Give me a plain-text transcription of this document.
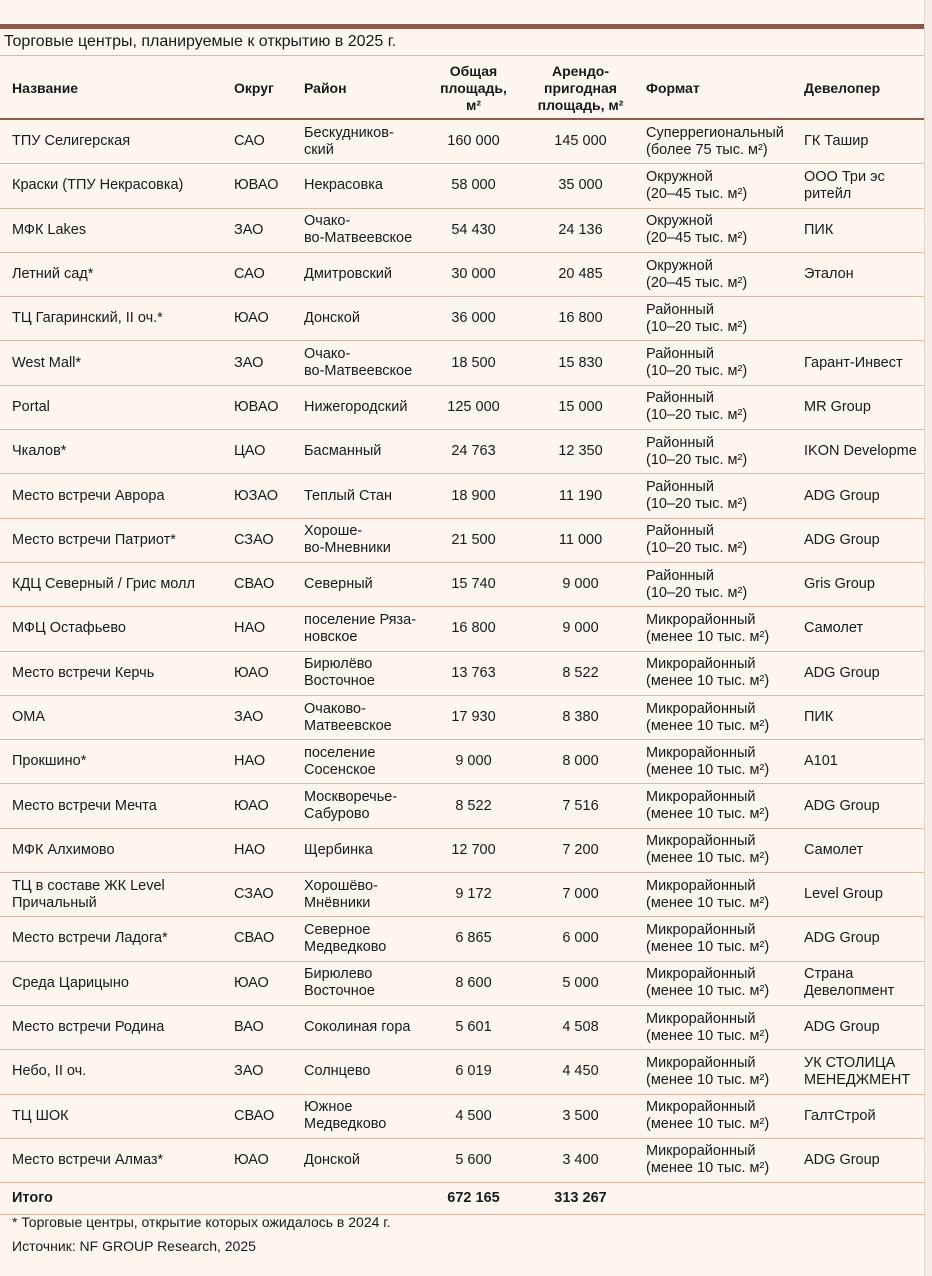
Торговые центры, планируемые к открытию в 2025 г.
Название	Округ	Район	Общая
площадь,
м²	Арендо-
пригодная
площадь, м²	Формат	Девелопер
ТПУ Селигерская	САО	Бескудников-
ский	160 000	145 000	Суперрегиональный
(более 75 тыс. м²)	ГК Ташир
Краски (ТПУ Некрасовка)	ЮВАО	Некрасовка	58 000	35 000	Окружной
(20–45 тыс. м²)	ООО Три эс
ритейл
МФК Lakes	ЗАО	Очако-
во-Матвеевское	54 430	24 136	Окружной
(20–45 тыс. м²)	ПИК
Летний сад*	САО	Дмитровский	30 000	20 485	Окружной
(20–45 тыс. м²)	Эталон
ТЦ Гагаринский, II оч.*	ЮАО	Донской	36 000	16 800	Районный
(10–20 тыс. м²)	
West Mall*	ЗАО	Очако-
во-Матвеевское	18 500	15 830	Районный
(10–20 тыс. м²)	Гарант-Инвест
Portal	ЮВАО	Нижегородский	125 000	15 000	Районный
(10–20 тыс. м²)	MR Group
Чкалов*	ЦАО	Басманный	24 763	12 350	Районный
(10–20 тыс. м²)	IKON Developme
Место встречи Аврора	ЮЗАО	Теплый Стан	18 900	11 190	Районный
(10–20 тыс. м²)	ADG Group
Место встречи Патриот*	СЗАО	Хороше-
во-Мневники	21 500	11 000	Районный
(10–20 тыс. м²)	ADG Group
КДЦ Северный / Грис молл	СВАО	Северный	15 740	9 000	Районный
(10–20 тыс. м²)	Gris Group
МФЦ Остафьево	НАО	поселение Ряза-
новское	16 800	9 000	Микрорайонный
(менее 10 тыс. м²)	Самолет
Место встречи Керчь	ЮАО	Бирюлёво
Восточное	13 763	8 522	Микрорайонный
(менее 10 тыс. м²)	ADG Group
ОМА	ЗАО	Очаково-
Матвеевское	17 930	8 380	Микрорайонный
(менее 10 тыс. м²)	ПИК
Прокшино*	НАО	поселение
Сосенское	9 000	8 000	Микрорайонный
(менее 10 тыс. м²)	А101
Место встречи Мечта	ЮАО	Москворечье-
Сабурово	8 522	7 516	Микрорайонный
(менее 10 тыс. м²)	ADG Group
МФК Алхимово	НАО	Щербинка	12 700	7 200	Микрорайонный
(менее 10 тыс. м²)	Самолет
ТЦ в составе ЖК Level
Причальный	СЗАО	Хорошёво-
Мнёвники	9 172	7 000	Микрорайонный
(менее 10 тыс. м²)	Level Group
Место встречи Ладога*	СВАО	Северное
Медведково	6 865	6 000	Микрорайонный
(менее 10 тыс. м²)	ADG Group
Среда Царицыно	ЮАО	Бирюлево
Восточное	8 600	5 000	Микрорайонный
(менее 10 тыс. м²)	Страна
Девелопмент
Место встречи Родина	ВАО	Соколиная гора	5 601	4 508	Микрорайонный
(менее 10 тыс. м²)	ADG Group
Небо, II оч.	ЗАО	Солнцево	6 019	4 450	Микрорайонный
(менее 10 тыс. м²)	УК СТОЛИЦА
МЕНЕДЖМЕНТ
ТЦ ШОК	СВАО	Южное
Медведково	4 500	3 500	Микрорайонный
(менее 10 тыс. м²)	ГалтСтрой
Место встречи Алмаз*	ЮАО	Донской	5 600	3 400	Микрорайонный
(менее 10 тыс. м²)	ADG Group
Итого			672 165	313 267		
* Торговые центры, открытие которых ожидалось в 2024 г.
Источник: NF GROUP Research, 2025
